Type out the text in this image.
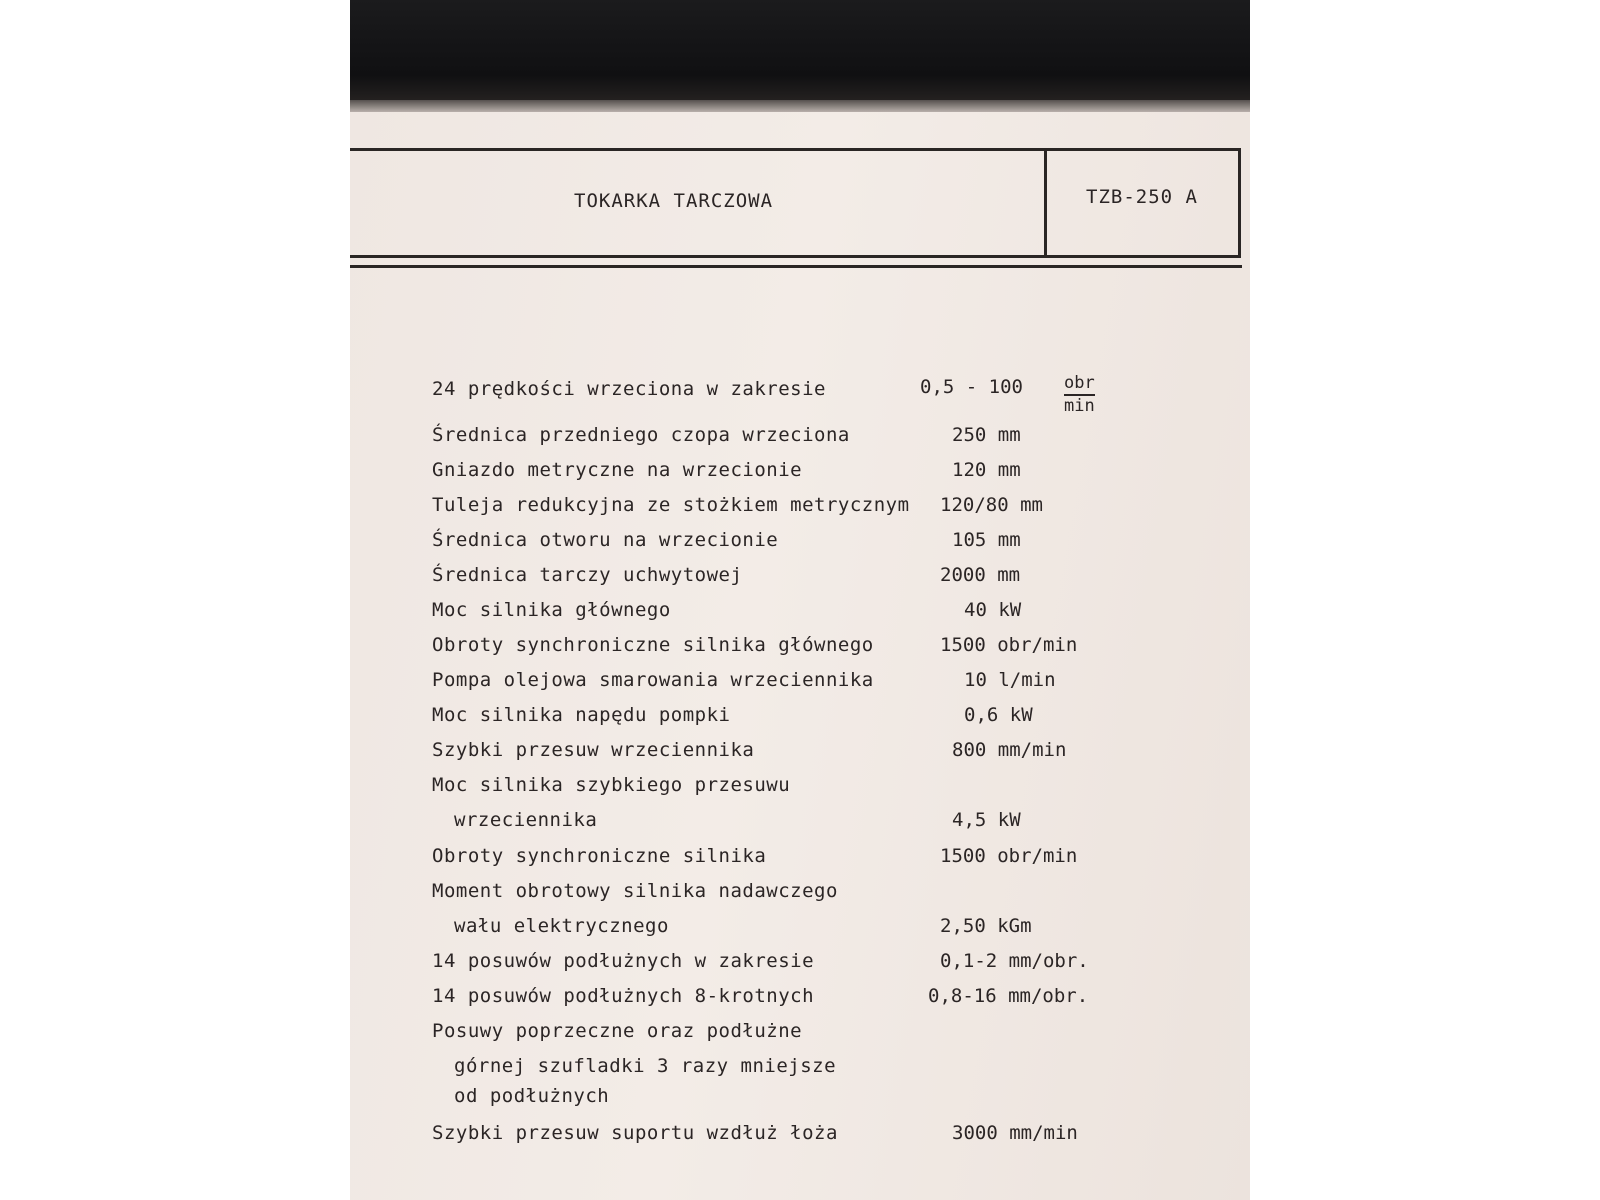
TOKARKA TARCZOWA	TZB-250 A
24 prędkości wrzeciona w zakresie	0,5 - 100 obr
min
Średnica przedniego czopa wrzeciona	250 mm
Gniazdo metryczne na wrzecionie	120 mm
Tuleja redukcyjna ze stożkiem metrycznym 120/80 mm
Średnica otworu na wrzecionie	105 mm
Średnica tarczy uchwytowej	2000 mm
Moc silnika głównego	40 kW
Obroty synchroniczne silnika głównego	1500 obr/min
Pompa olejowa smarowania wrzeciennika	10 l/min
Moc silnika napędu pompki	0,6 kW
Szybki przesuw wrzeciennika	800 mm/min
Moc silnika szybkiego przesuwu
wrzeciennika	4,5 kW
Obroty synchroniczne silnika	1500 obr/min
Moment obrotowy silnika nadawczego
wału elektrycznego	2,50 kGm
14 posuwów podłużnych w zakresie	0,1-2 mm/obr.
14 posuwów podłużnych 8-krotnych	0,8-16 mm/obr.
Posuwy poprzeczne oraz podłużne
górnej szufladki 3 razy mniejsze
od podłużnych
Szybki przesuw suportu wzdłuż łoża	3000 mm/min
